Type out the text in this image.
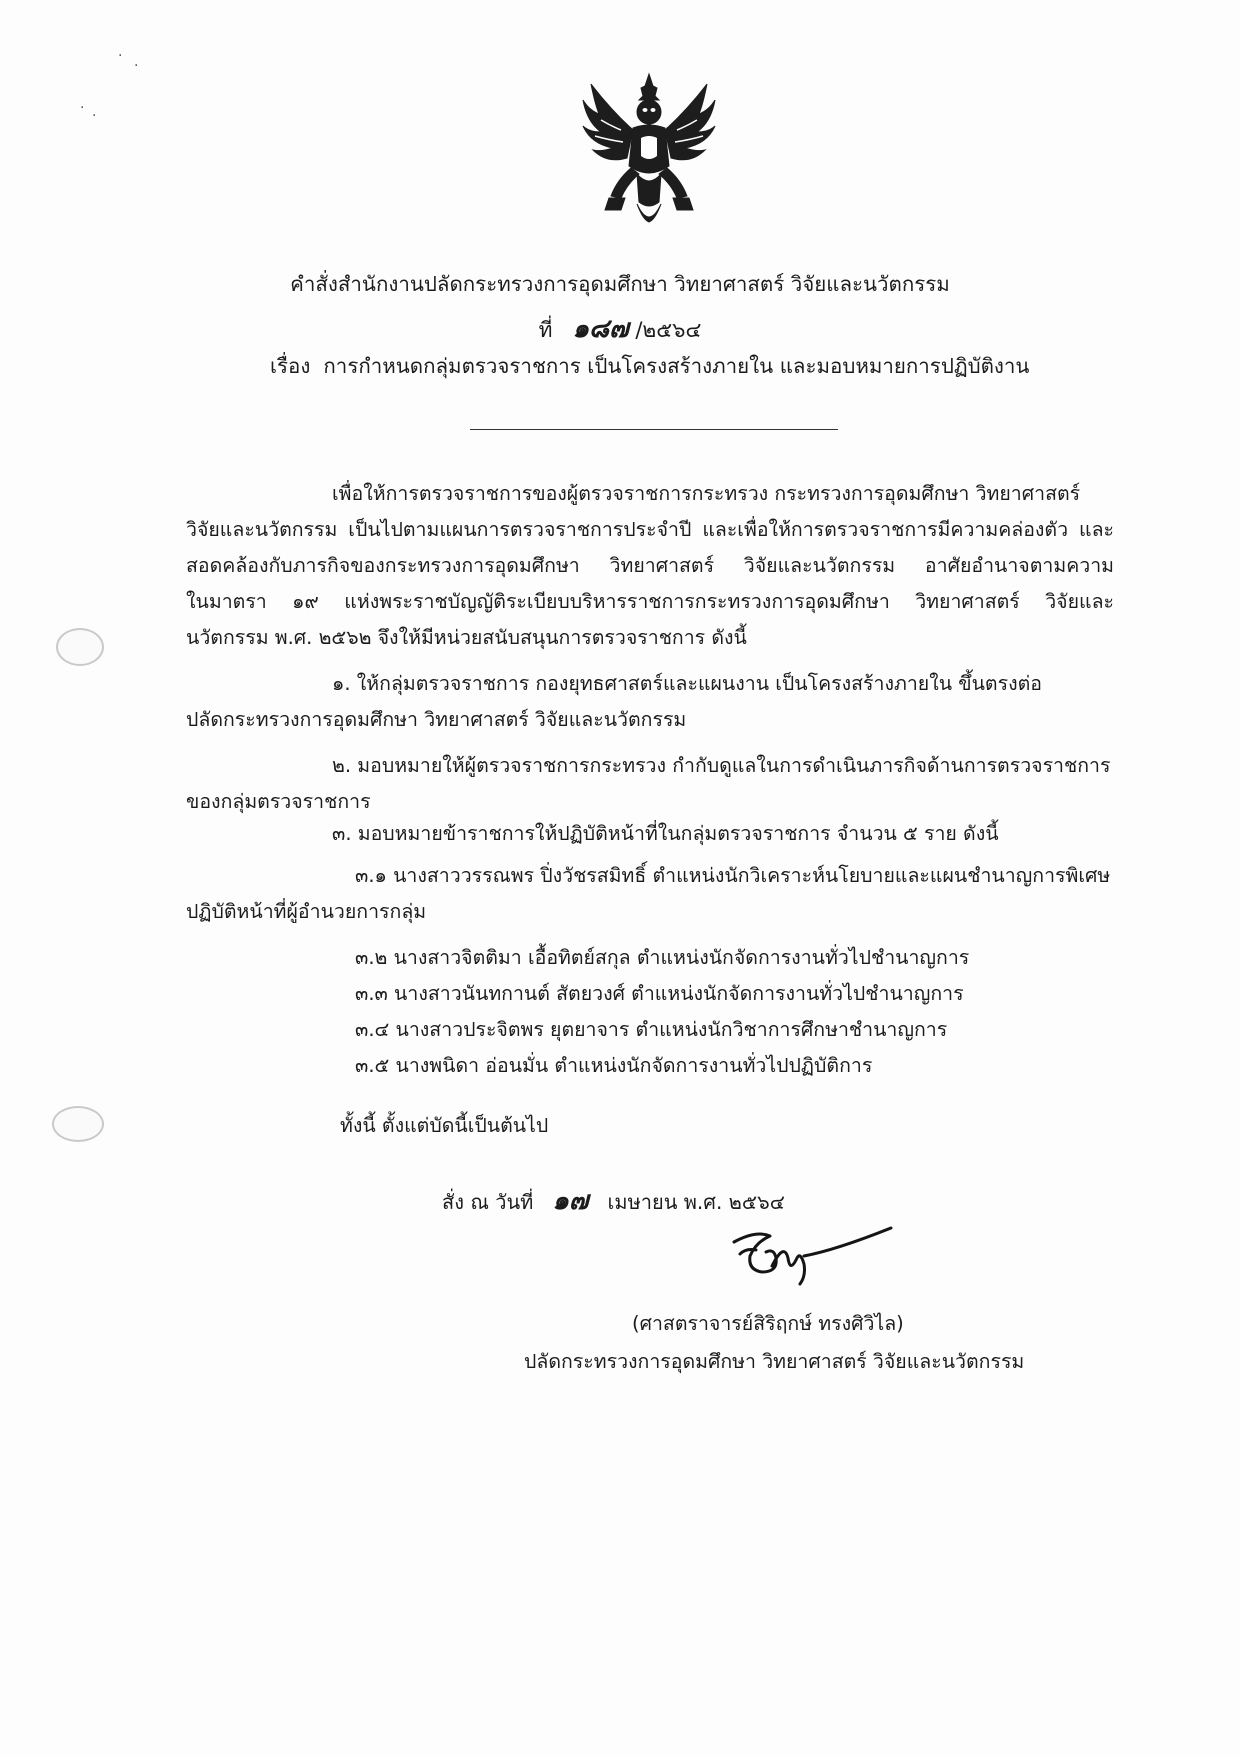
·
·
· ·
คำสั่งสำนักงานปลัดกระทรวงการอุดมศึกษา วิทยาศาสตร์ วิจัยและนวัตกรรม
ที่ ๑๘๗ /๒๕๖๔
เรื่อง การกำหนดกลุ่มตรวจราชการ เป็นโครงสร้างภายใน และมอบหมายการปฏิบัติงาน
เพื่อให้การตรวจราชการของผู้ตรวจราชการกระทรวง กระทรวงการอุดมศึกษา วิทยาศาสตร์
วิจัยและนวัตกรรม เป็นไปตามแผนการตรวจราชการประจำปี และเพื่อให้การตรวจราชการมีความคล่องตัว และ
สอดคล้องกับภารกิจของกระทรวงการอุดมศึกษา วิทยาศาสตร์ วิจัยและนวัตกรรม อาศัยอำนาจตามความ
ในมาตรา ๑๙ แห่งพระราชบัญญัติระเบียบบริหารราชการกระทรวงการอุดมศึกษา วิทยาศาสตร์ วิจัยและ
นวัตกรรม พ.ศ. ๒๕๖๒ จึงให้มีหน่วยสนับสนุนการตรวจราชการ ดังนี้
๑. ให้กลุ่มตรวจราชการ กองยุทธศาสตร์และแผนงาน เป็นโครงสร้างภายใน ขึ้นตรงต่อ
ปลัดกระทรวงการอุดมศึกษา วิทยาศาสตร์ วิจัยและนวัตกรรม
๒. มอบหมายให้ผู้ตรวจราชการกระทรวง กำกับดูแลในการดำเนินภารกิจด้านการตรวจราชการ
ของกลุ่มตรวจราชการ
๓. มอบหมายข้าราชการให้ปฏิบัติหน้าที่ในกลุ่มตรวจราชการ จำนวน ๕ ราย ดังนี้
๓.๑ นางสาววรรณพร ปิ่งวัชรสมิทธิ์ ตำแหน่งนักวิเคราะห์นโยบายและแผนชำนาญการพิเศษ
ปฏิบัติหน้าที่ผู้อำนวยการกลุ่ม
๓.๒ นางสาวจิตติมา เอื้อทิตย์สกุล ตำแหน่งนักจัดการงานทั่วไปชำนาญการ
๓.๓ นางสาวนันทกานต์ สัตยวงศ์ ตำแหน่งนักจัดการงานทั่วไปชำนาญการ
๓.๔ นางสาวประจิตพร ยุตยาจาร ตำแหน่งนักวิชาการศึกษาชำนาญการ
๓.๕ นางพนิดา อ่อนมั่น ตำแหน่งนักจัดการงานทั่วไปปฏิบัติการ
ทั้งนี้ ตั้งแต่บัดนี้เป็นต้นไป
สั่ง ณ วันที่ ๑๗ เมษายน พ.ศ. ๒๕๖๔
(ศาสตราจารย์สิริฤกษ์ ทรงศิวิไล)
ปลัดกระทรวงการอุดมศึกษา วิทยาศาสตร์ วิจัยและนวัตกรรม
